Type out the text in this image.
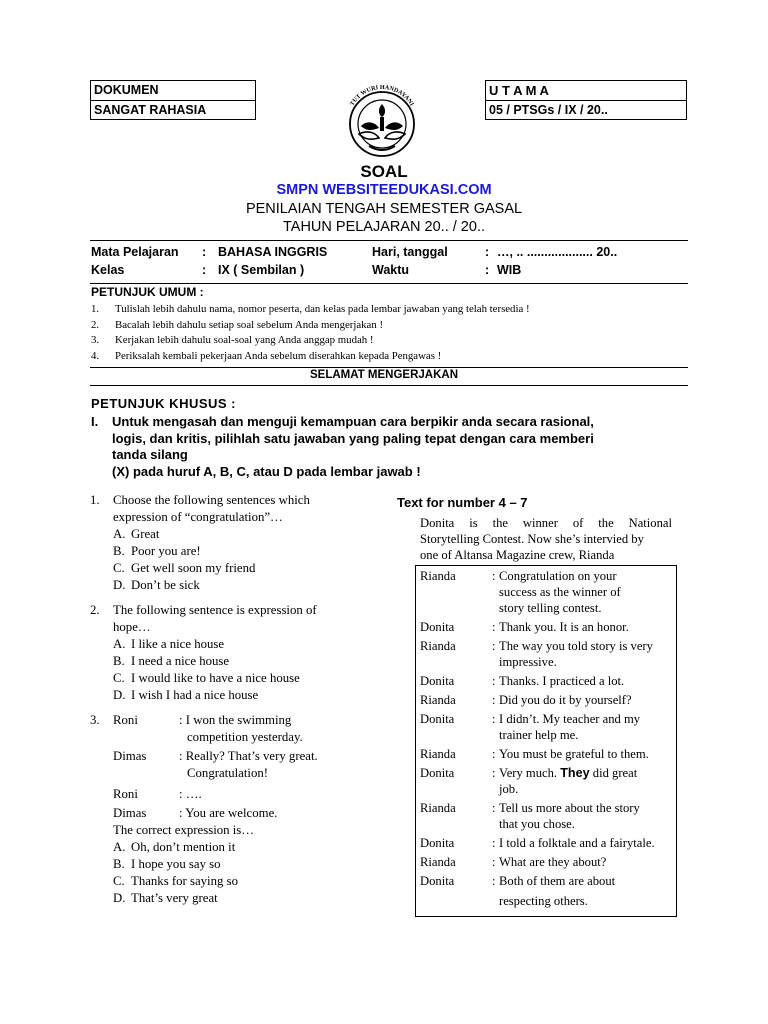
DOKUMEN
SANGAT RAHASIA
U T A M A
05 / PTSGs / IX / 20..
TUT WURI HANDAYANI
SOAL
SMPN WEBSITEEDUKASI.COM
PENILAIAN TENGAH SEMESTER GASAL
TAHUN PELAJARAN 20.. / 20..
Mata Pelajaran : BAHASA INGGRIS	Hari, tanggal	: …, .. ................... 20..
Kelas	: IX ( Sembilan )	Waktu	: WIB
PETUNJUK UMUM :
1.	Tulislah lebih dahulu nama, nomor peserta, dan kelas pada lembar jawaban yang telah tersedia !
2.	Bacalah lebih dahulu setiap soal sebelum Anda mengerjakan !
3.	Kerjakan lebih dahulu soal-soal yang Anda anggap mudah !
4.	Periksalah kembali pekerjaan Anda sebelum diserahkan kepada Pengawas !
SELAMAT MENGERJAKAN
PETUNJUK KHUSUS :
I. Untuk mengasah dan menguji kemampuan cara berpikir anda secara rasional,
logis, dan kritis, pilihlah satu jawaban yang paling tepat dengan cara memberi
tanda silang
(X) pada huruf A, B, C, atau D pada lembar jawab !
1.	Choose the following sentences which
expression of “congratulation”…
A. Great
B. Poor you are!
C. Get well soon my friend
D. Don’t be sick
2.	The following sentence is expression of
hope…
A. I like a nice house
B. I need a nice house
C. I would like to have a nice house
D. I wish I had a nice house
3.	Roni	: I won the swimming
competition yesterday.
Dimas	: Really? That’s very great.
Congratulation!
Roni	: ….
Dimas	: You are welcome.
The correct expression is…
A. Oh, don’t mention it
B. I hope you say so
C. Thanks for saying so
D. That’s very great
Text for number 4 – 7
Donita is the winner of the National
Storytelling Contest. Now she’s intervied by
one of Altansa Magazine crew, Rianda
Rianda	: Congratulation on your
success as the winner of
story telling contest.
Donita	: Thank you. It is an honor.
Rianda	: The way you told story is very
impressive.
Donita	: Thanks. I practiced a lot.
Rianda	: Did you do it by yourself?
Donita	: I didn’t. My teacher and my
trainer help me.
Rianda	: You must be grateful to them.
Donita	: Very much. They did great
job.
Rianda	: Tell us more about the story
that you chose.
Donita	: I told a folktale and a fairytale.
Rianda	: What are they about?
Donita	: Both of them are about
respecting others.
